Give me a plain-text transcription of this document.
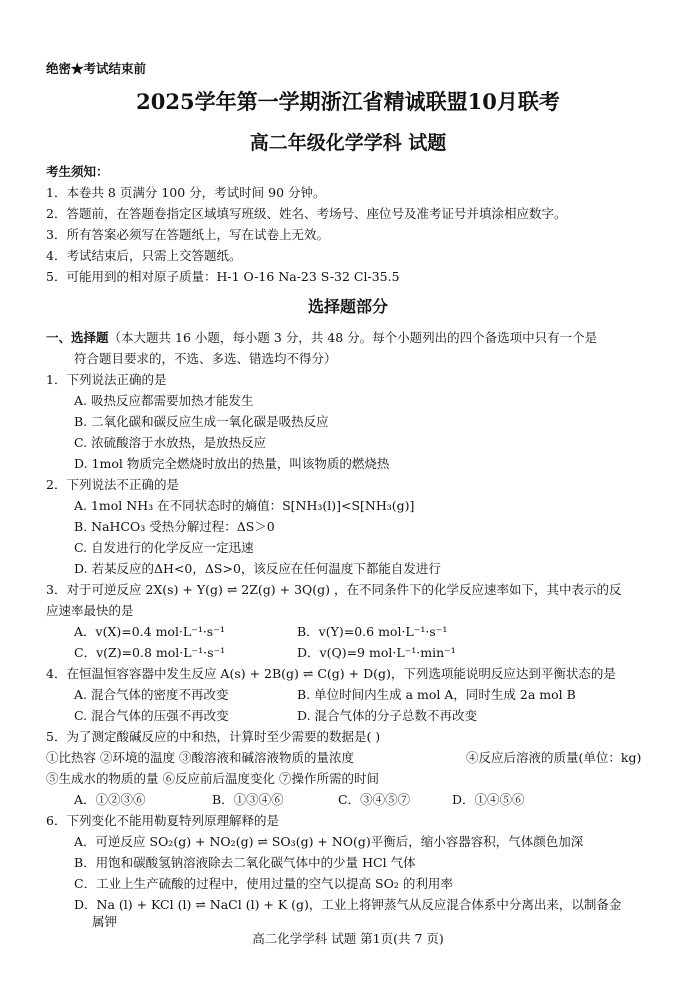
绝密★考试结束前
2025学年第一学期浙江省精诚联盟10月联考
高二年级化学学科 试题
考生须知：
1．本卷共 8 页满分 100 分，考试时间 90 分钟。
2．答题前，在答题卷指定区域填写班级、姓名、考场号、座位号及准考证号并填涂相应数字。
3．所有答案必须写在答题纸上，写在试卷上无效。
4．考试结束后，只需上交答题纸。
5．可能用到的相对原子质量：H-1 O-16 Na-23 S-32 Cl-35.5
选择题部分
一、选择题（本大题共 16 小题，每小题 3 分，共 48 分。每个小题列出的四个备选项中只有一个是
符合题目要求的，不选、多选、错选均不得分）
1．下列说法正确的是
A. 吸热反应都需要加热才能发生
B. 二氧化碳和碳反应生成一氧化碳是吸热反应
C. 浓硫酸溶于水放热，是放热反应
D. 1mol 物质完全燃烧时放出的热量，叫该物质的燃烧热
2．下列说法不正确的是
A. 1mol NH₃ 在不同状态时的熵值：S[NH₃(l)]<S[NH₃(g)]
B. NaHCO₃ 受热分解过程：ΔS＞0
C. 自发进行的化学反应一定迅速
D. 若某反应的ΔH<0，ΔS>0，该反应在任何温度下都能自发进行
3．对于可逆反应 2X(s) + Y(g) ⇌ 2Z(g) + 3Q(g) ，在不同条件下的化学反应速率如下，其中表示的反
应速率最快的是
A．v(X)=0.4 mol·L⁻¹·s⁻¹	B．v(Y)=0.6 mol·L⁻¹·s⁻¹
C．v(Z)=0.8 mol·L⁻¹·s⁻¹	D．v(Q)=9 mol·L⁻¹·min⁻¹
4．在恒温恒容容器中发生反应 A(s) + 2B(g) ⇌ C(g) + D(g)，下列选项能说明反应达到平衡状态的是
A. 混合气体的密度不再改变	B. 单位时间内生成 a mol A，同时生成 2a mol B
C. 混合气体的压强不再改变	D. 混合气体的分子总数不再改变
5．为了测定酸碱反应的中和热，计算时至少需要的数据是( )
①比热容 ②环境的温度 ③酸溶液和碱溶液物质的量浓度	④反应后溶液的质量(单位：kg)
⑤生成水的物质的量 ⑥反应前后温度变化 ⑦操作所需的时间
A．①②③⑥	B．①③④⑥	C．③④⑤⑦	D．①④⑤⑥
6．下列变化不能用勒夏特列原理解释的是
A．可逆反应 SO₂(g) + NO₂(g) ⇌ SO₃(g) + NO(g)平衡后，缩小容器容积，气体颜色加深
B．用饱和碳酸氢钠溶液除去二氧化碳气体中的少量 HCl 气体
C．工业上生产硫酸的过程中，使用过量的空气以提高 SO₂ 的利用率
D．Na (l) + KCl (l) ⇌ NaCl (l) + K (g)，工业上将钾蒸气从反应混合体系中分离出来，以制备金
属钾
高二化学学科 试题 第1页(共 7 页)
